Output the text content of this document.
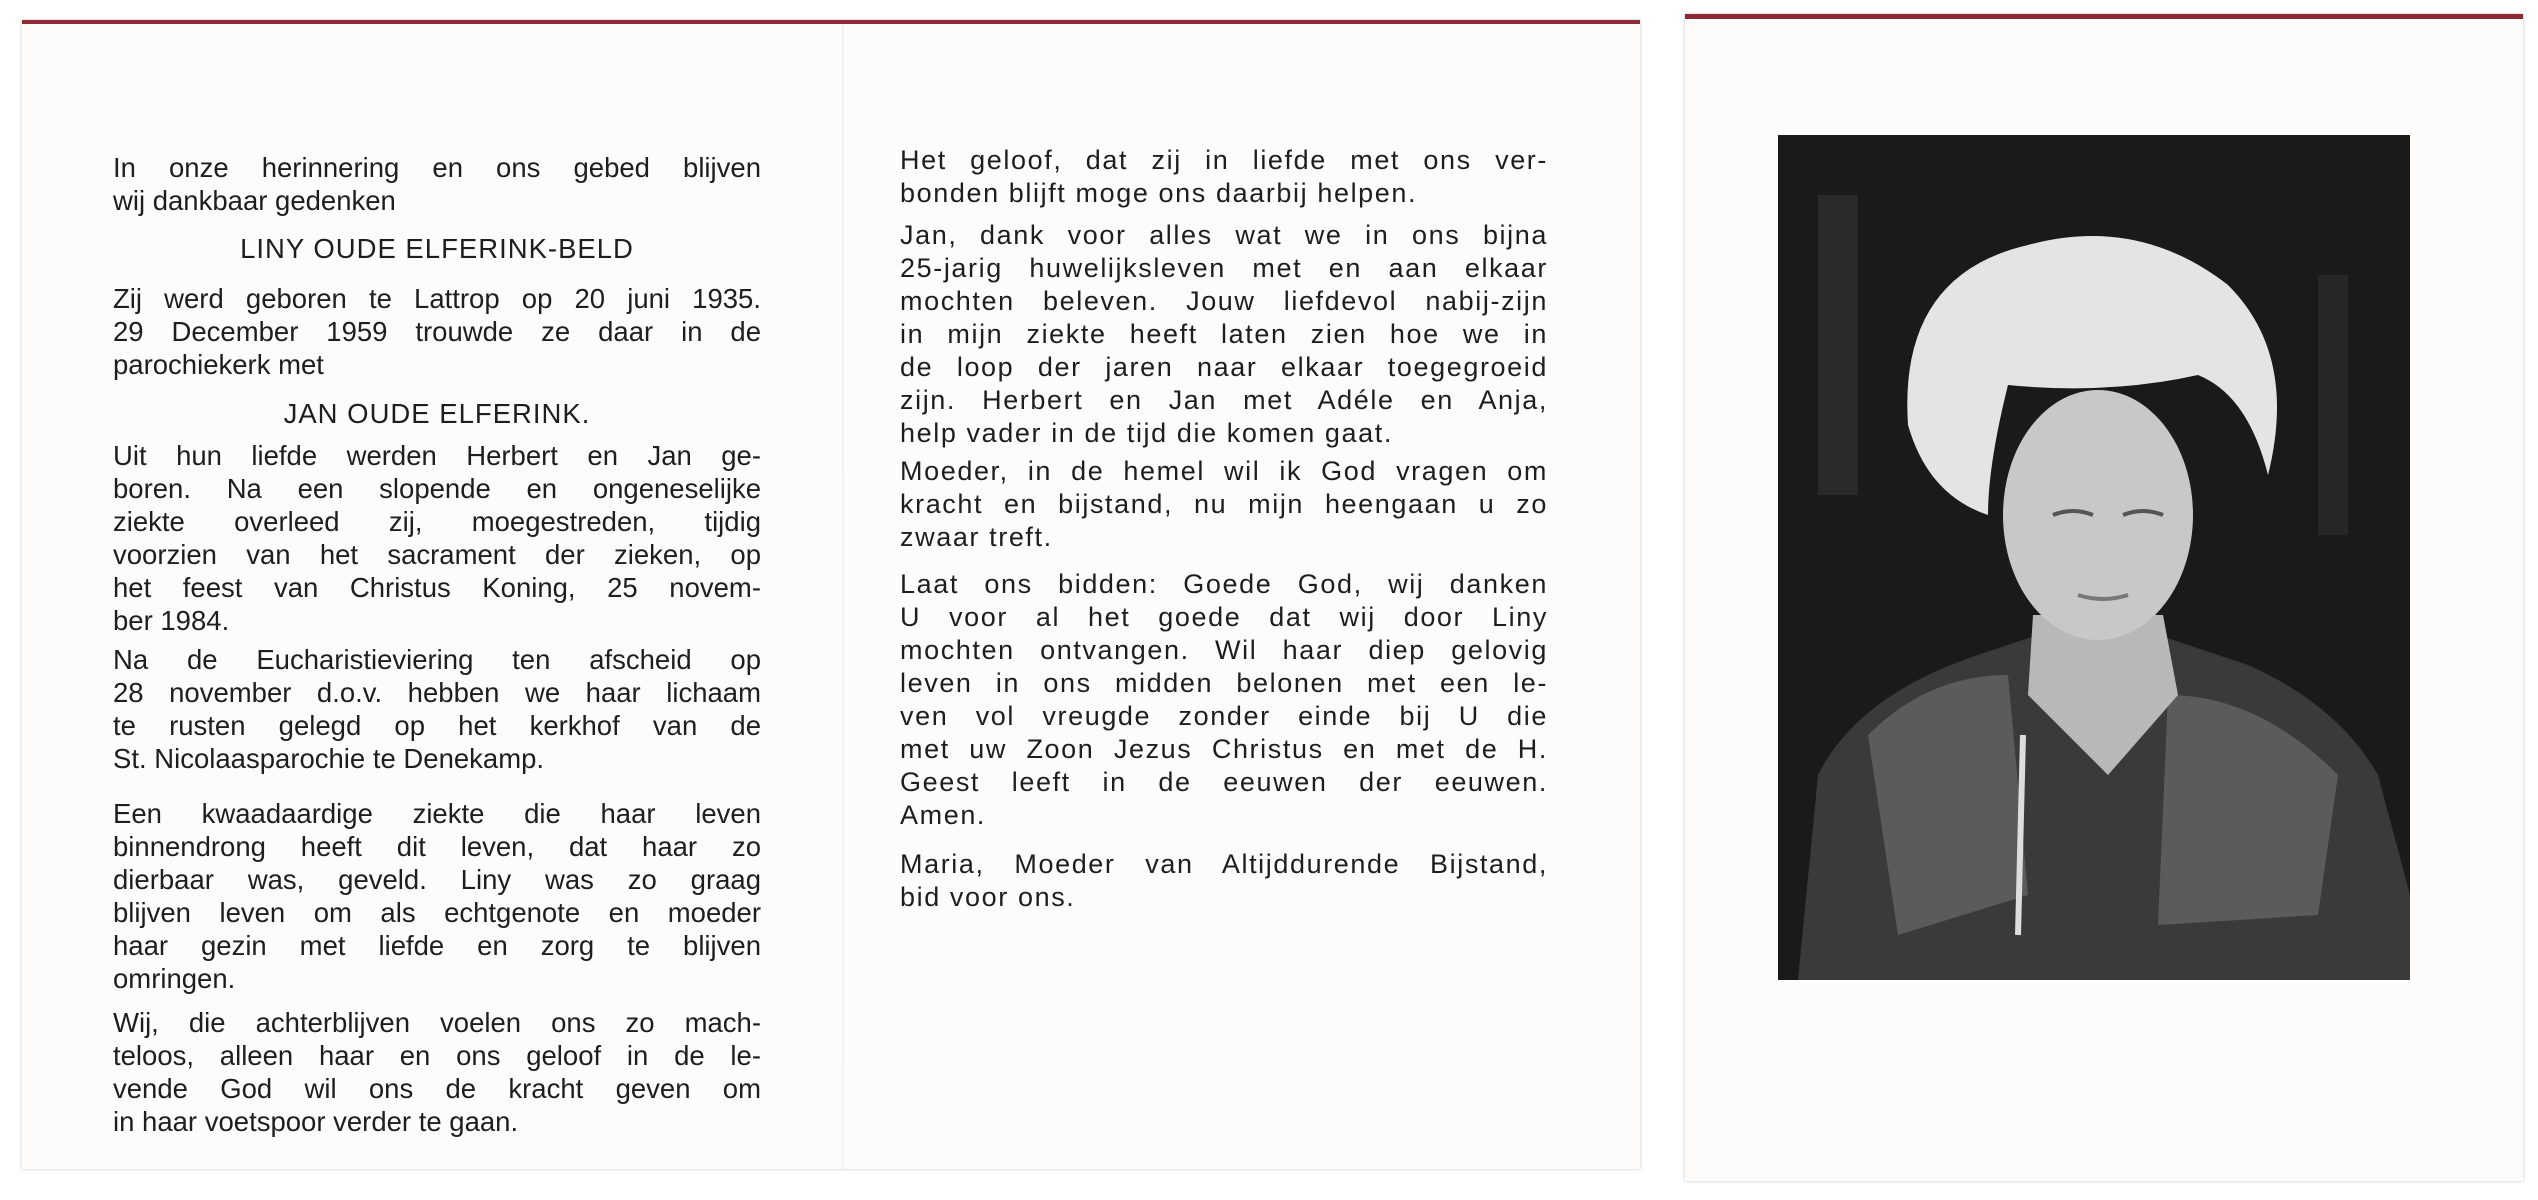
In onze herinnering en ons gebed blijven
wij dankbaar gedenken
LINY OUDE ELFERINK-BELD
Zij werd geboren te Lattrop op 20 juni 1935.
29 December 1959 trouwde ze daar in de
parochiekerk met
JAN OUDE ELFERINK.
Uit hun liefde werden Herbert en Jan ge-
boren. Na een slopende en ongeneselijke
ziekte overleed zij, moegestreden, tijdig
voorzien van het sacrament der zieken, op
het feest van Christus Koning, 25 novem-
ber 1984.
Na de Eucharistieviering ten afscheid op
28 november d.o.v. hebben we haar lichaam
te rusten gelegd op het kerkhof van de
St. Nicolaasparochie te Denekamp.
Een kwaadaardige ziekte die haar leven
binnendrong heeft dit leven, dat haar zo
dierbaar was, geveld. Liny was zo graag
blijven leven om als echtgenote en moeder
haar gezin met liefde en zorg te blijven
omringen.
Wij, die achterblijven voelen ons zo mach-
teloos, alleen haar en ons geloof in de le-
vende God wil ons de kracht geven om
in haar voetspoor verder te gaan.
Het geloof, dat zij in liefde met ons ver-
bonden blijft moge ons daarbij helpen.
Jan, dank voor alles wat we in ons bijna
25-jarig huwelijksleven met en aan elkaar
mochten beleven. Jouw liefdevol nabij-zijn
in mijn ziekte heeft laten zien hoe we in
de loop der jaren naar elkaar toegegroeid
zijn. Herbert en Jan met Adéle en Anja,
help vader in de tijd die komen gaat.
Moeder, in de hemel wil ik God vragen om
kracht en bijstand, nu mijn heengaan u zo
zwaar treft.
Laat ons bidden: Goede God, wij danken
U voor al het goede dat wij door Liny
mochten ontvangen. Wil haar diep gelovig
leven in ons midden belonen met een le-
ven vol vreugde zonder einde bij U die
met uw Zoon Jezus Christus en met de H.
Geest leeft in de eeuwen der eeuwen.
Amen.
Maria, Moeder van Altijddurende Bijstand,
bid voor ons.
